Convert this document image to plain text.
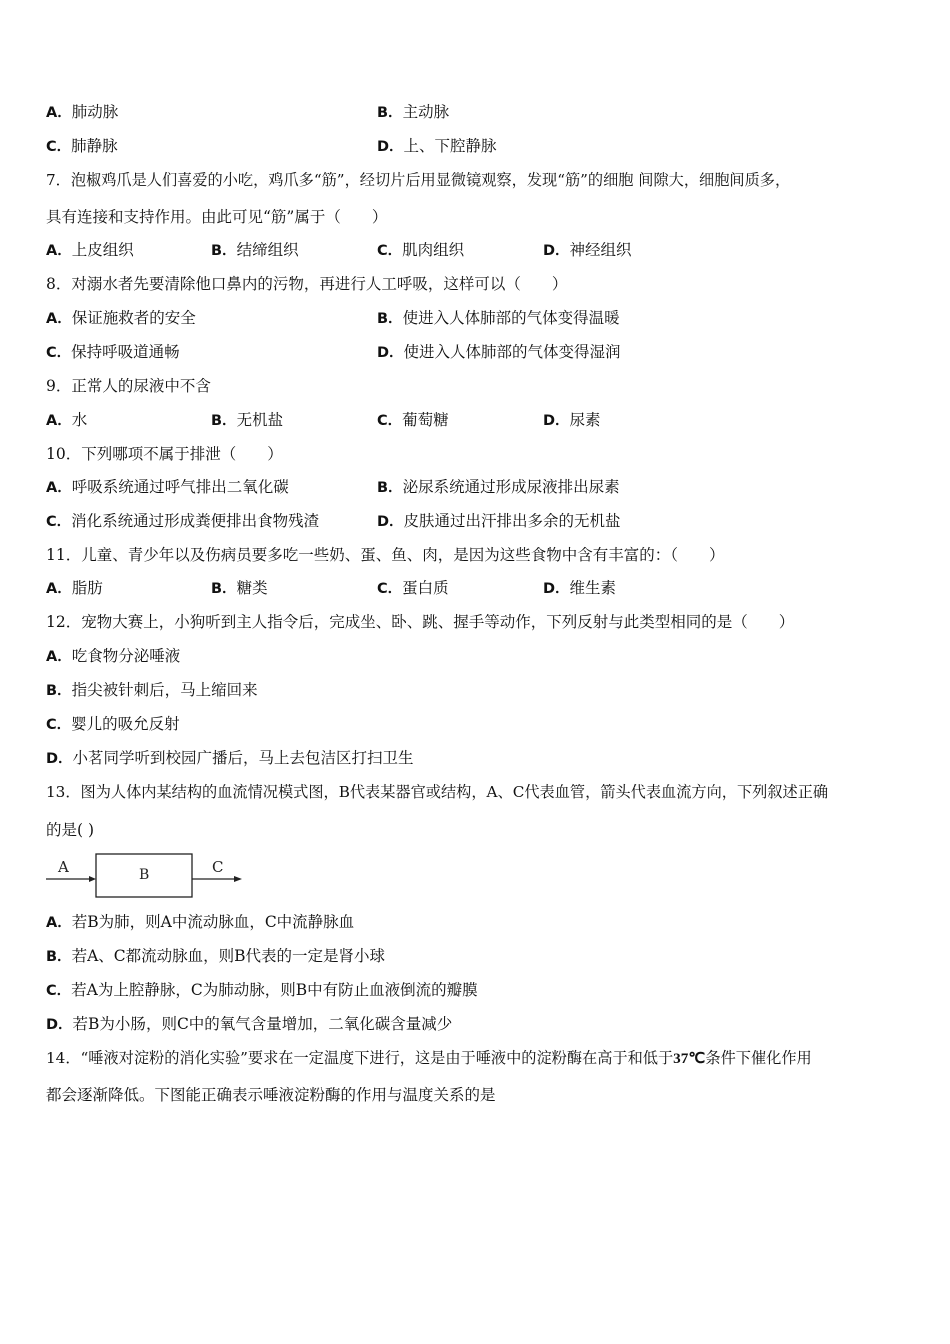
A．肺动脉	B．主动脉
C．肺静脉	D．上、下腔静脉
7．泡椒鸡爪是人们喜爱的小吃，鸡爪多“筋”，经切片后用显微镜观察，发现“筋”的细胞 间隙大，细胞间质多，
具有连接和支持作用。由此可见“筋”属于（　　）
A．上皮组织	B．结缔组织	C．肌肉组织	D．神经组织
8．对溺水者先要清除他口鼻内的污物，再进行人工呼吸，这样可以（　　）
A．保证施救者的安全	B．使进入人体肺部的气体变得温暖
C．保持呼吸道通畅	D．使进入人体肺部的气体变得湿润
9．正常人的尿液中不含
A．水	B．无机盐	C．葡萄糖	D．尿素
10．下列哪项不属于排泄（　　）
A．呼吸系统通过呼气排出二氧化碳	B．泌尿系统通过形成尿液排出尿素
C．消化系统通过形成粪便排出食物残渣	D．皮肤通过出汗排出多余的无机盐
11．儿童、青少年以及伤病员要多吃一些奶、蛋、鱼、肉，是因为这些食物中含有丰富的：（　　）
A．脂肪	B．糖类	C．蛋白质	D．维生素
12．宠物大赛上，小狗听到主人指令后，完成坐、卧、跳、握手等动作，下列反射与此类型相同的是（　　）
A．吃食物分泌唾液
B．指尖被针刺后，马上缩回来
C．婴儿的吸允反射
D．小茗同学听到校园广播后，马上去包洁区打扫卫生
13．图为人体内某结构的血流情况模式图，B代表某器官或结构，A、C代表血管，箭头代表血流方向，下列叙述正确
的是( )
A	B	C
A．若B为肺，则A中流动脉血，C中流静脉血
B．若A、C都流动脉血，则B代表的一定是肾小球
C．若A为上腔静脉，C为肺动脉，则B中有防止血液倒流的瓣膜
D．若B为小肠，则C中的氧气含量增加，二氧化碳含量减少
14．“唾液对淀粉的消化实验”要求在一定温度下进行，这是由于唾液中的淀粉酶在高于和低于37℃条件下催化作用
都会逐渐降低。下图能正确表示唾液淀粉酶的作用与温度关系的是
